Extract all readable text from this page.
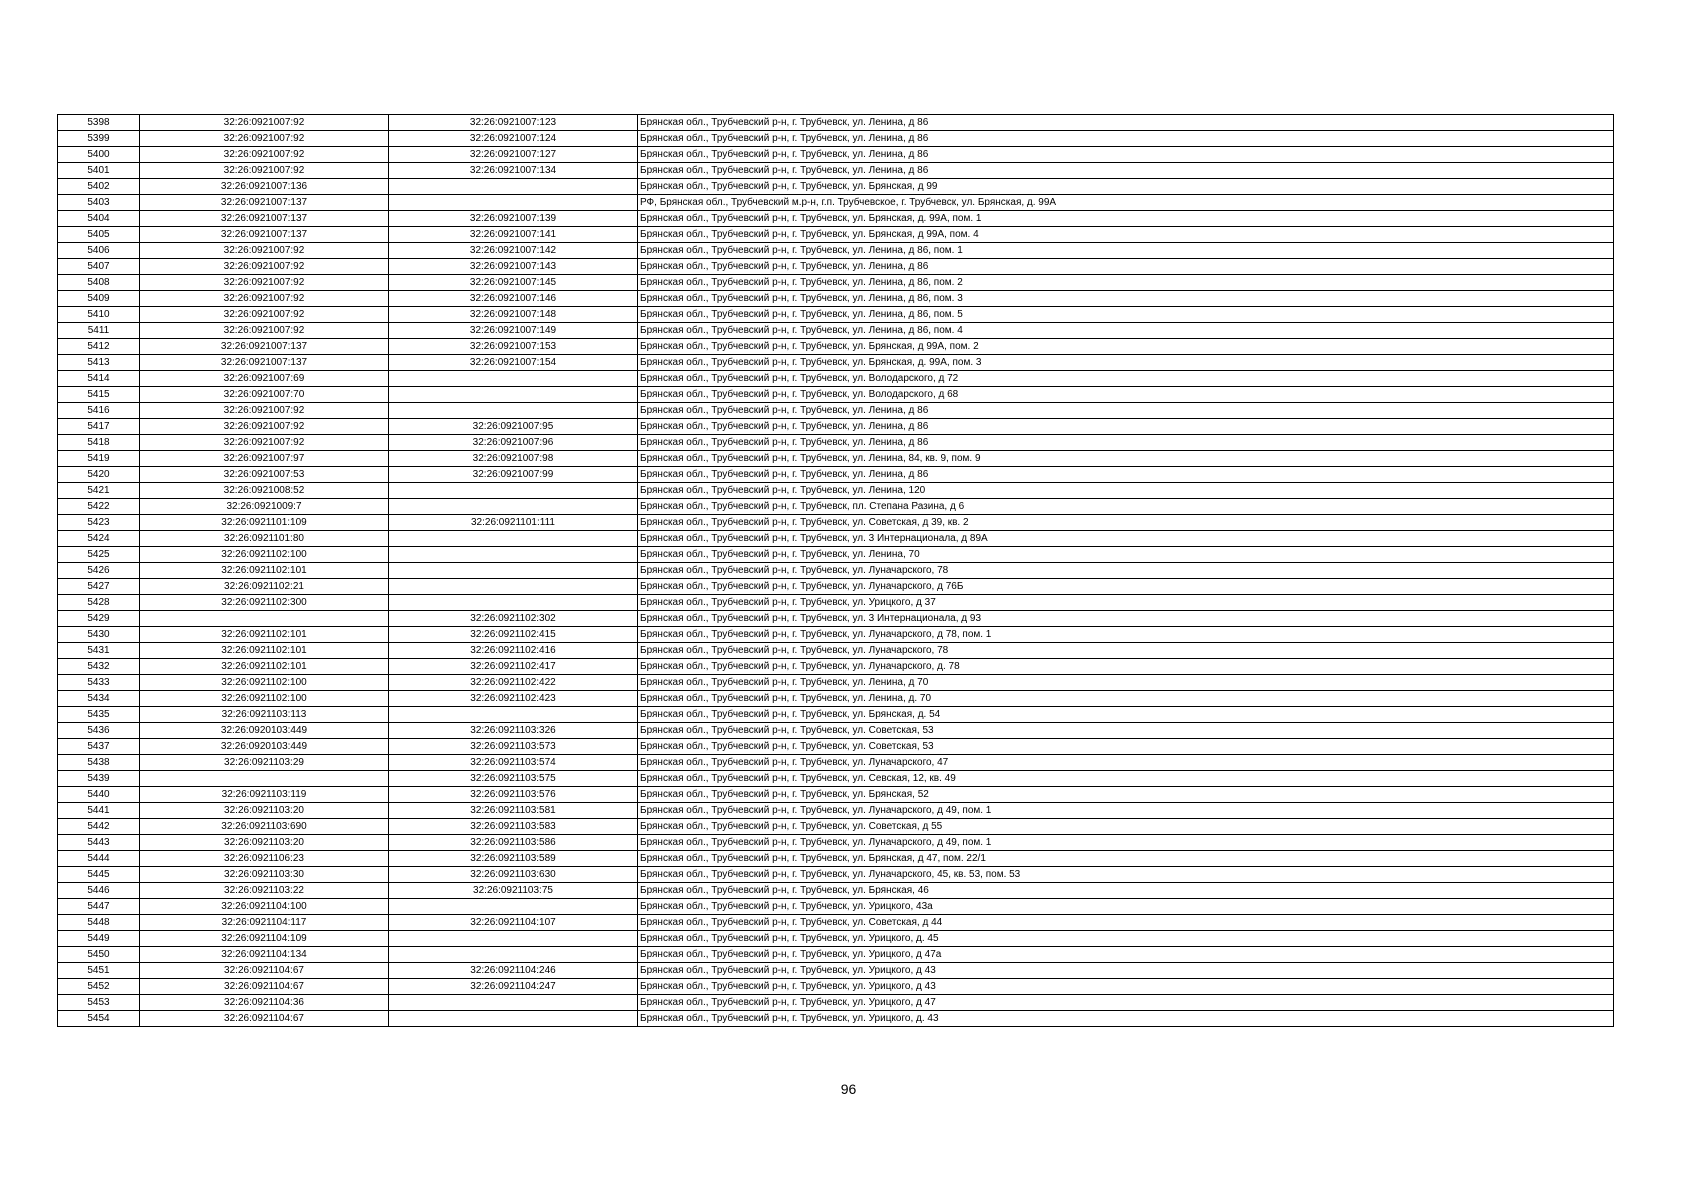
5398	32:26:0921007:92	32:26:0921007:123	Брянская обл., Трубчевский р-н, г. Трубчевск, ул. Ленина, д 86
5399	32:26:0921007:92	32:26:0921007:124	Брянская обл., Трубчевский р-н, г. Трубчевск, ул. Ленина, д 86
5400	32:26:0921007:92	32:26:0921007:127	Брянская обл., Трубчевский р-н, г. Трубчевск, ул. Ленина, д 86
5401	32:26:0921007:92	32:26:0921007:134	Брянская обл., Трубчевский р-н, г. Трубчевск, ул. Ленина, д 86
5402	32:26:0921007:136		Брянская обл., Трубчевский р-н, г. Трубчевск, ул. Брянская, д 99
5403	32:26:0921007:137		РФ, Брянская обл., Трубчевский м.р-н, г.п. Трубчевское, г. Трубчевск, ул. Брянская, д. 99А
5404	32:26:0921007:137	32:26:0921007:139	Брянская обл., Трубчевский р-н, г. Трубчевск, ул. Брянская, д. 99А, пом. 1
5405	32:26:0921007:137	32:26:0921007:141	Брянская обл., Трубчевский р-н, г. Трубчевск, ул. Брянская, д 99А, пом. 4
5406	32:26:0921007:92	32:26:0921007:142	Брянская обл., Трубчевский р-н, г. Трубчевск, ул. Ленина, д 86, пом. 1
5407	32:26:0921007:92	32:26:0921007:143	Брянская обл., Трубчевский р-н, г. Трубчевск, ул. Ленина, д 86
5408	32:26:0921007:92	32:26:0921007:145	Брянская обл., Трубчевский р-н, г. Трубчевск, ул. Ленина, д 86, пом. 2
5409	32:26:0921007:92	32:26:0921007:146	Брянская обл., Трубчевский р-н, г. Трубчевск, ул. Ленина, д 86, пом. 3
5410	32:26:0921007:92	32:26:0921007:148	Брянская обл., Трубчевский р-н, г. Трубчевск, ул. Ленина, д 86, пом. 5
5411	32:26:0921007:92	32:26:0921007:149	Брянская обл., Трубчевский р-н, г. Трубчевск, ул. Ленина, д 86, пом. 4
5412	32:26:0921007:137	32:26:0921007:153	Брянская обл., Трубчевский р-н, г. Трубчевск, ул. Брянская, д 99А, пом. 2
5413	32:26:0921007:137	32:26:0921007:154	Брянская обл., Трубчевский р-н, г. Трубчевск, ул. Брянская, д. 99А, пом. 3
5414	32:26:0921007:69		Брянская обл., Трубчевский р-н, г. Трубчевск, ул. Володарского, д 72
5415	32:26:0921007:70		Брянская обл., Трубчевский р-н, г. Трубчевск, ул. Володарского, д 68
5416	32:26:0921007:92		Брянская обл., Трубчевский р-н, г. Трубчевск, ул. Ленина, д 86
5417	32:26:0921007:92	32:26:0921007:95	Брянская обл., Трубчевский р-н, г. Трубчевск, ул. Ленина, д 86
5418	32:26:0921007:92	32:26:0921007:96	Брянская обл., Трубчевский р-н, г. Трубчевск, ул. Ленина, д 86
5419	32:26:0921007:97	32:26:0921007:98	Брянская обл., Трубчевский р-н, г. Трубчевск, ул. Ленина, 84, кв. 9, пом. 9
5420	32:26:0921007:53	32:26:0921007:99	Брянская обл., Трубчевский р-н, г. Трубчевск, ул. Ленина, д 86
5421	32:26:0921008:52		Брянская обл., Трубчевский р-н, г. Трубчевск, ул. Ленина, 120
5422	32:26:0921009:7		Брянская обл., Трубчевский р-н, г. Трубчевск, пл. Степана Разина, д 6
5423	32:26:0921101:109	32:26:0921101:111	Брянская обл., Трубчевский р-н, г. Трубчевск, ул. Советская, д 39, кв. 2
5424	32:26:0921101:80		Брянская обл., Трубчевский р-н, г. Трубчевск, ул. 3 Интернационала, д 89А
5425	32:26:0921102:100		Брянская обл., Трубчевский р-н, г. Трубчевск, ул. Ленина, 70
5426	32:26:0921102:101		Брянская обл., Трубчевский р-н, г. Трубчевск, ул. Луначарского, 78
5427	32:26:0921102:21		Брянская обл., Трубчевский р-н, г. Трубчевск, ул. Луначарского, д 76Б
5428	32:26:0921102:300		Брянская обл., Трубчевский р-н, г. Трубчевск, ул. Урицкого, д 37
5429		32:26:0921102:302	Брянская обл., Трубчевский р-н, г. Трубчевск, ул. 3 Интернационала, д 93
5430	32:26:0921102:101	32:26:0921102:415	Брянская обл., Трубчевский р-н, г. Трубчевск, ул. Луначарского, д 78, пом. 1
5431	32:26:0921102:101	32:26:0921102:416	Брянская обл., Трубчевский р-н, г. Трубчевск, ул. Луначарского, 78
5432	32:26:0921102:101	32:26:0921102:417	Брянская обл., Трубчевский р-н, г. Трубчевск, ул. Луначарского, д. 78
5433	32:26:0921102:100	32:26:0921102:422	Брянская обл., Трубчевский р-н, г. Трубчевск, ул. Ленина, д 70
5434	32:26:0921102:100	32:26:0921102:423	Брянская обл., Трубчевский р-н, г. Трубчевск, ул. Ленина, д. 70
5435	32:26:0921103:113		Брянская обл., Трубчевский р-н, г. Трубчевск, ул. Брянская, д. 54
5436	32:26:0920103:449	32:26:0921103:326	Брянская обл., Трубчевский р-н, г. Трубчевск, ул. Советская, 53
5437	32:26:0920103:449	32:26:0921103:573	Брянская обл., Трубчевский р-н, г. Трубчевск, ул. Советская, 53
5438	32:26:0921103:29	32:26:0921103:574	Брянская обл., Трубчевский р-н, г. Трубчевск, ул. Луначарского, 47
5439		32:26:0921103:575	Брянская обл., Трубчевский р-н, г. Трубчевск, ул. Севская, 12, кв. 49
5440	32:26:0921103:119	32:26:0921103:576	Брянская обл., Трубчевский р-н, г. Трубчевск, ул. Брянская, 52
5441	32:26:0921103:20	32:26:0921103:581	Брянская обл., Трубчевский р-н, г. Трубчевск, ул. Луначарского, д 49, пом. 1
5442	32:26:0921103:690	32:26:0921103:583	Брянская обл., Трубчевский р-н, г. Трубчевск, ул. Советская, д 55
5443	32:26:0921103:20	32:26:0921103:586	Брянская обл., Трубчевский р-н, г. Трубчевск, ул. Луначарского, д 49, пом. 1
5444	32:26:0921106:23	32:26:0921103:589	Брянская обл., Трубчевский р-н, г. Трубчевск, ул. Брянская, д 47, пом. 22/1
5445	32:26:0921103:30	32:26:0921103:630	Брянская обл., Трубчевский р-н, г. Трубчевск, ул. Луначарского, 45, кв. 53, пом. 53
5446	32:26:0921103:22	32:26:0921103:75	Брянская обл., Трубчевский р-н, г. Трубчевск, ул. Брянская, 46
5447	32:26:0921104:100		Брянская обл., Трубчевский р-н, г. Трубчевск, ул. Урицкого, 43а
5448	32:26:0921104:117	32:26:0921104:107	Брянская обл., Трубчевский р-н, г. Трубчевск, ул. Советская, д 44
5449	32:26:0921104:109		Брянская обл., Трубчевский р-н, г. Трубчевск, ул. Урицкого, д. 45
5450	32:26:0921104:134		Брянская обл., Трубчевский р-н, г. Трубчевск, ул. Урицкого, д 47а
5451	32:26:0921104:67	32:26:0921104:246	Брянская обл., Трубчевский р-н, г. Трубчевск, ул. Урицкого, д 43
5452	32:26:0921104:67	32:26:0921104:247	Брянская обл., Трубчевский р-н, г. Трубчевск, ул. Урицкого, д 43
5453	32:26:0921104:36		Брянская обл., Трубчевский р-н, г. Трубчевск, ул. Урицкого, д 47
5454	32:26:0921104:67		Брянская обл., Трубчевский р-н, г. Трубчевск, ул. Урицкого, д. 43
96
